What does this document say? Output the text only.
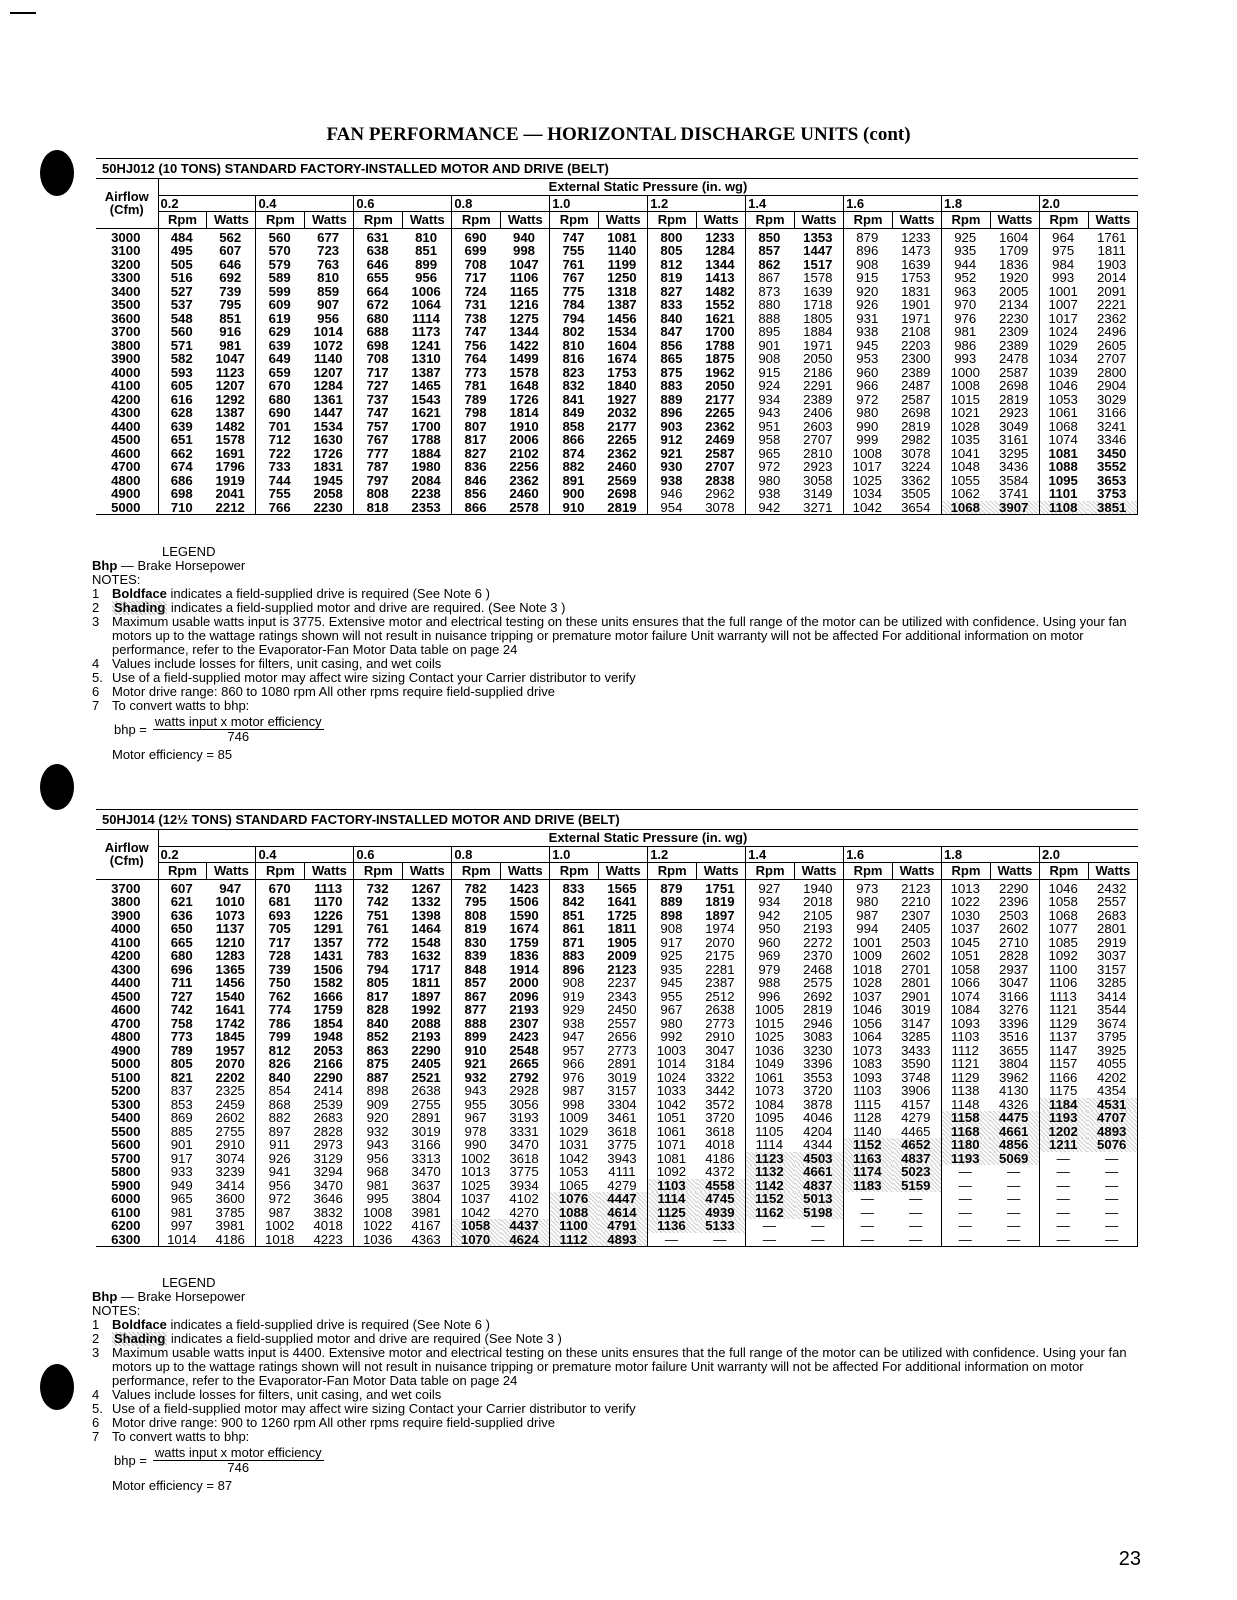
FAN PERFORMANCE — HORIZONTAL DISCHARGE UNITS (cont)
50HJ012 (10 TONS) STANDARD FACTORY-INSTALLED MOTOR AND DRIVE (BELT)
Airflow
(Cfm)	External Static Pressure (in. wg)																			
	0.2		0.4		0.6		0.8		1.0		1.2		1.4		1.6		1.8		2.0	
	Rpm	Watts	Rpm	Watts	Rpm	Watts	Rpm	Watts	Rpm	Watts	Rpm	Watts	Rpm	Watts	Rpm	Watts	Rpm	Watts	Rpm	Watts
3000	484	562	560	677	631	810	690	940	747	1081	800	1233	850	1353	879	1233	925	1604	964	1761
3100	495	607	570	723	638	851	699	998	755	1140	805	1284	857	1447	896	1473	935	1709	975	1811
3200	505	646	579	763	646	899	708	1047	761	1199	812	1344	862	1517	908	1639	944	1836	984	1903
3300	516	692	589	810	655	956	717	1106	767	1250	819	1413	867	1578	915	1753	952	1920	993	2014
3400	527	739	599	859	664	1006	724	1165	775	1318	827	1482	873	1639	920	1831	963	2005	1001	2091
3500	537	795	609	907	672	1064	731	1216	784	1387	833	1552	880	1718	926	1901	970	2134	1007	2221
3600	548	851	619	956	680	1114	738	1275	794	1456	840	1621	888	1805	931	1971	976	2230	1017	2362
3700	560	916	629	1014	688	1173	747	1344	802	1534	847	1700	895	1884	938	2108	981	2309	1024	2496
3800	571	981	639	1072	698	1241	756	1422	810	1604	856	1788	901	1971	945	2203	986	2389	1029	2605
3900	582	1047	649	1140	708	1310	764	1499	816	1674	865	1875	908	2050	953	2300	993	2478	1034	2707
4000	593	1123	659	1207	717	1387	773	1578	823	1753	875	1962	915	2186	960	2389	1000	2587	1039	2800
4100	605	1207	670	1284	727	1465	781	1648	832	1840	883	2050	924	2291	966	2487	1008	2698	1046	2904
4200	616	1292	680	1361	737	1543	789	1726	841	1927	889	2177	934	2389	972	2587	1015	2819	1053	3029
4300	628	1387	690	1447	747	1621	798	1814	849	2032	896	2265	943	2406	980	2698	1021	2923	1061	3166
4400	639	1482	701	1534	757	1700	807	1910	858	2177	903	2362	951	2603	990	2819	1028	3049	1068	3241
4500	651	1578	712	1630	767	1788	817	2006	866	2265	912	2469	958	2707	999	2982	1035	3161	1074	3346
4600	662	1691	722	1726	777	1884	827	2102	874	2362	921	2587	965	2810	1008	3078	1041	3295	1081	3450
4700	674	1796	733	1831	787	1980	836	2256	882	2460	930	2707	972	2923	1017	3224	1048	3436	1088	3552
4800	686	1919	744	1945	797	2084	846	2362	891	2569	938	2838	980	3058	1025	3362	1055	3584	1095	3653
4900	698	2041	755	2058	808	2238	856	2460	900	2698	946	2962	938	3149	1034	3505	1062	3741	1101	3753
5000	710	2212	766	2230	818	2353	866	2578	910	2819	954	3078	942	3271	1042	3654	1068	3907	1108	3851
LEGEND
Bhp — Brake Horsepower
NOTES:
1 Boldface indicates a field-supplied drive is required (See Note 6 )
2	Shading indicates a field-supplied motor and drive are required. (See Note 3 )
3 Maximum usable watts input is 3775. Extensive motor and electrical testing on these units ensures that the full range of the motor can be utilized with confidence. Using your fan motors up to the wattage ratings shown will not result in nuisance tripping or premature motor failure Unit warranty will not be affected For additional information on motor performance, refer to the Evaporator-Fan Motor Data table on page 24
4 Values include losses for filters, unit casing, and wet coils
5. Use of a field-supplied motor may affect wire sizing Contact your Carrier distributor to verify
6 Motor drive range: 860 to 1080 rpm All other rpms require field-supplied drive
7 To convert watts to bhp:
bhp = $\frac{\text{watts input x motor efficiency}}{746}$
Motor efficiency = 85
50HJ014 (12½ TONS) STANDARD FACTORY-INSTALLED MOTOR AND DRIVE (BELT)
Airflow
(Cfm)	External Static Pressure (in. wg)																			
	0.2		0.4		0.6		0.8		1.0		1.2		1.4		1.6		1.8		2.0	
	Rpm	Watts	Rpm	Watts	Rpm	Watts	Rpm	Watts	Rpm	Watts	Rpm	Watts	Rpm	Watts	Rpm	Watts	Rpm	Watts	Rpm	Watts
3700	607	947	670	1113	732	1267	782	1423	833	1565	879	1751	927	1940	973	2123	1013	2290	1046	2432
3800	621	1010	681	1170	742	1332	795	1506	842	1641	889	1819	934	2018	980	2210	1022	2396	1058	2557
3900	636	1073	693	1226	751	1398	808	1590	851	1725	898	1897	942	2105	987	2307	1030	2503	1068	2683
4000	650	1137	705	1291	761	1464	819	1674	861	1811	908	1974	950	2193	994	2405	1037	2602	1077	2801
4100	665	1210	717	1357	772	1548	830	1759	871	1905	917	2070	960	2272	1001	2503	1045	2710	1085	2919
4200	680	1283	728	1431	783	1632	839	1836	883	2009	925	2175	969	2370	1009	2602	1051	2828	1092	3037
4300	696	1365	739	1506	794	1717	848	1914	896	2123	935	2281	979	2468	1018	2701	1058	2937	1100	3157
4400	711	1456	750	1582	805	1811	857	2000	908	2237	945	2387	988	2575	1028	2801	1066	3047	1106	3285
4500	727	1540	762	1666	817	1897	867	2096	919	2343	955	2512	996	2692	1037	2901	1074	3166	1113	3414
4600	742	1641	774	1759	828	1992	877	2193	929	2450	967	2638	1005	2819	1046	3019	1084	3276	1121	3544
4700	758	1742	786	1854	840	2088	888	2307	938	2557	980	2773	1015	2946	1056	3147	1093	3396	1129	3674
4800	773	1845	799	1948	852	2193	899	2423	947	2656	992	2910	1025	3083	1064	3285	1103	3516	1137	3795
4900	789	1957	812	2053	863	2290	910	2548	957	2773	1003	3047	1036	3230	1073	3433	1112	3655	1147	3925
5000	805	2070	826	2166	875	2405	921	2665	966	2891	1014	3184	1049	3396	1083	3590	1121	3804	1157	4055
5100	821	2202	840	2290	887	2521	932	2792	976	3019	1024	3322	1061	3553	1093	3748	1129	3962	1166	4202
5200	837	2325	854	2414	898	2638	943	2928	987	3157	1033	3442	1073	3720	1103	3906	1138	4130	1175	4354
5300	853	2459	868	2539	909	2755	955	3056	998	3304	1042	3572	1084	3878	1115	4157	1148	4326	1184	4531
5400	869	2602	882	2683	920	2891	967	3193	1009	3461	1051	3720	1095	4046	1128	4279	1158	4475	1193	4707
5500	885	2755	897	2828	932	3019	978	3331	1029	3618	1061	3618	1105	4204	1140	4465	1168	4661	1202	4893
5600	901	2910	911	2973	943	3166	990	3470	1031	3775	1071	4018	1114	4344	1152	4652	1180	4856	1211	5076
5700	917	3074	926	3129	956	3313	1002	3618	1042	3943	1081	4186	1123	4503	1163	4837	1193	5069	—	—
5800	933	3239	941	3294	968	3470	1013	3775	1053	4111	1092	4372	1132	4661	1174	5023	—	—	—	—
5900	949	3414	956	3470	981	3637	1025	3934	1065	4279	1103	4558	1142	4837	1183	5159	—	—	—	—
6000	965	3600	972	3646	995	3804	1037	4102	1076	4447	1114	4745	1152	5013	—	—	—	—	—	—
6100	981	3785	987	3832	1008	3981	1042	4270	1088	4614	1125	4939	1162	5198	—	—	—	—	—	—
6200	997	3981	1002	4018	1022	4167	1058	4437	1100	4791	1136	5133	—	—	—	—	—	—	—	—
6300	1014	4186	1018	4223	1036	4363	1070	4624	1112	4893	—	—	—	—	—	—	—	—	—	—
LEGEND
Bhp — Brake Horsepower
NOTES:
1 Boldface indicates a field-supplied drive is required (See Note 6 )
2	Shading indicates a field-supplied motor and drive are required (See Note 3 )
3 Maximum usable watts input is 4400. Extensive motor and electrical testing on these units ensures that the full range of the motor can be utilized with confidence. Using your fan motors up to the wattage ratings shown will not result in nuisance tripping or premature motor failure Unit warranty will not be affected For additional information on motor performance, refer to the Evaporator-Fan Motor Data table on page 24
4 Values include losses for filters, unit casing, and wet coils
5. Use of a field-supplied motor may affect wire sizing Contact your Carrier distributor to verify
6 Motor drive range: 900 to 1260 rpm All other rpms require field-supplied drive
7 To convert watts to bhp:
bhp = $\frac{\text{watts input x motor efficiency}}{746}$
Motor efficiency = 87
23
